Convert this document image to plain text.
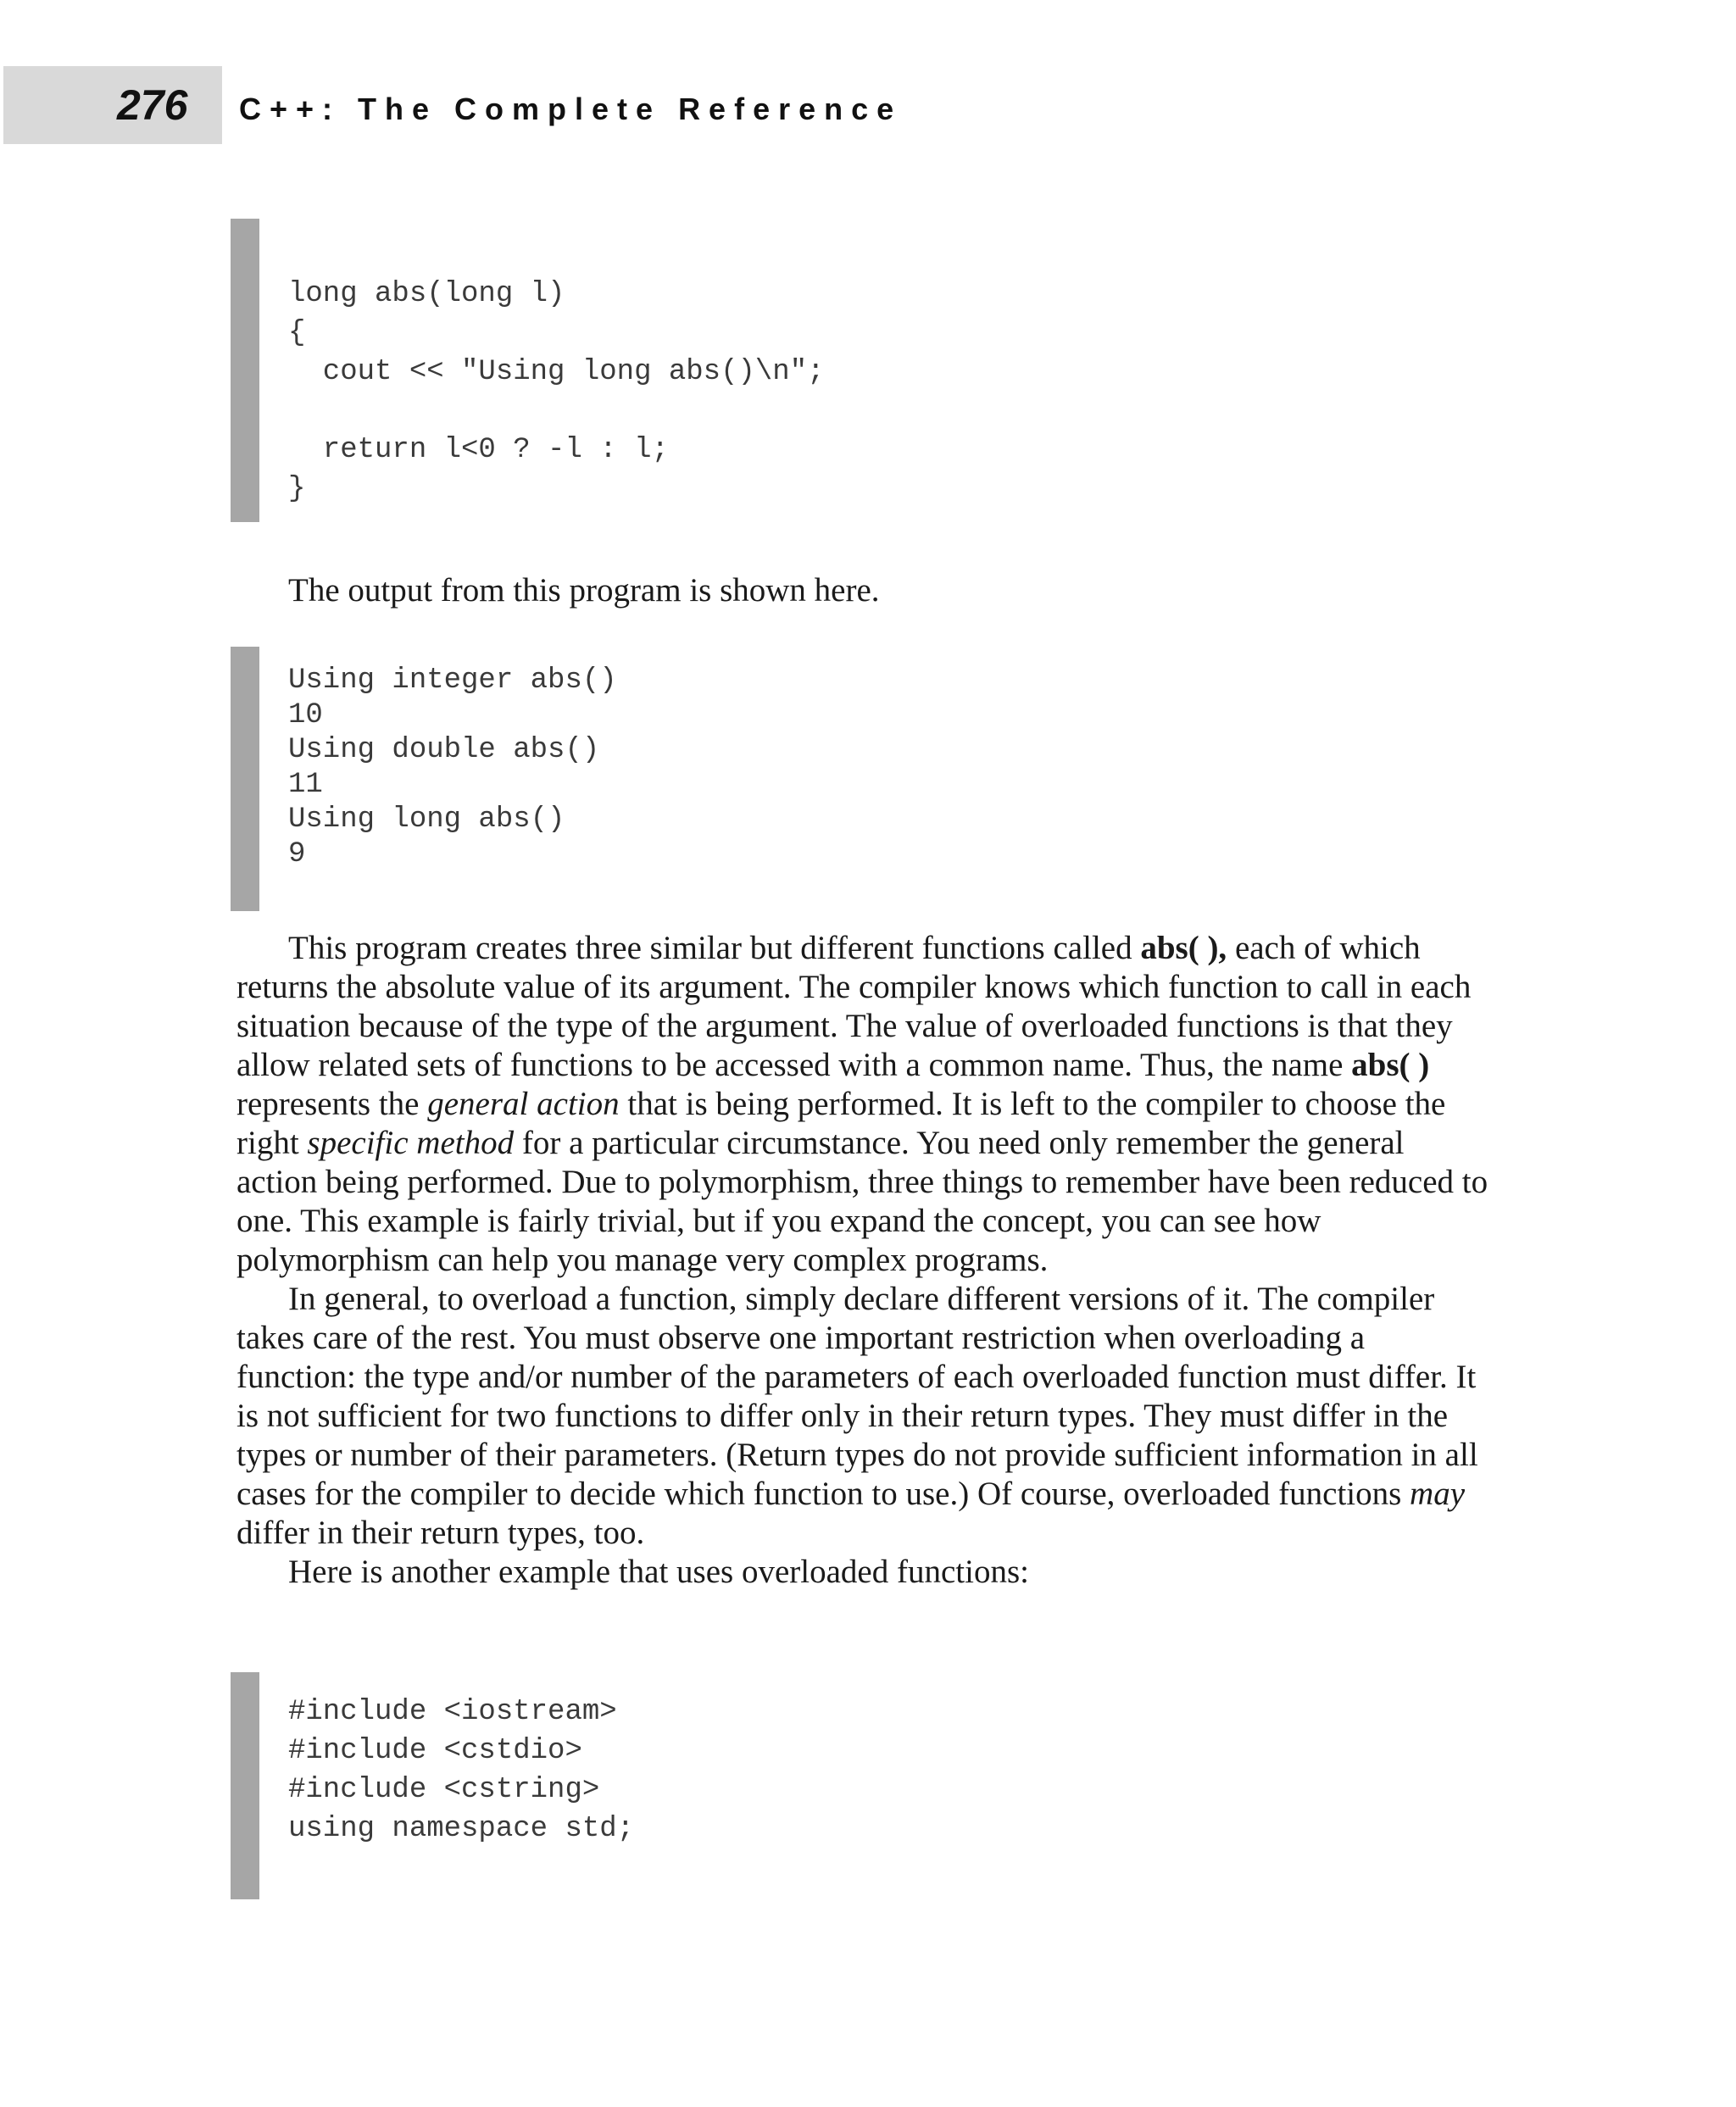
276 C++: The Complete Reference
long abs(long l)
{
cout << "Using long abs()\n";
return l<0 ? -l : l;
}
The output from this program is shown here.
Using integer abs()
10
Using double abs()
11
Using long abs()
9

This program creates three similar but different functions called abs( ), each of which returns the absolute value of its argument. The compiler knows which function to call in each situation because of the type of the argument. The value of overloaded functions is that they allow related sets of functions to be accessed with a common name. Thus, the name abs( ) represents the general action that is being performed. It is left to the compiler to choose the right specific method for a particular circumstance. You need only remember the general action being performed. Due to polymorphism, three things to remember have been reduced to one. This example is fairly trivial, but if you expand the concept, you can see how polymorphism can help you manage very complex programs.

In general, to overload a function, simply declare different versions of it. The compiler takes care of the rest. You must observe one important restriction when overloading a function: the type and/or number of the parameters of each overloaded function must differ. It is not sufficient for two functions to differ only in their return types. They must differ in the types or number of their parameters. (Return types do not provide sufficient information in all cases for the compiler to decide which function to use.) Of course, overloaded functions may differ in their return types, too.

Here is another example that uses overloaded functions:

#include <iostream>
#include <cstdio>
#include <cstring>
using namespace std;
